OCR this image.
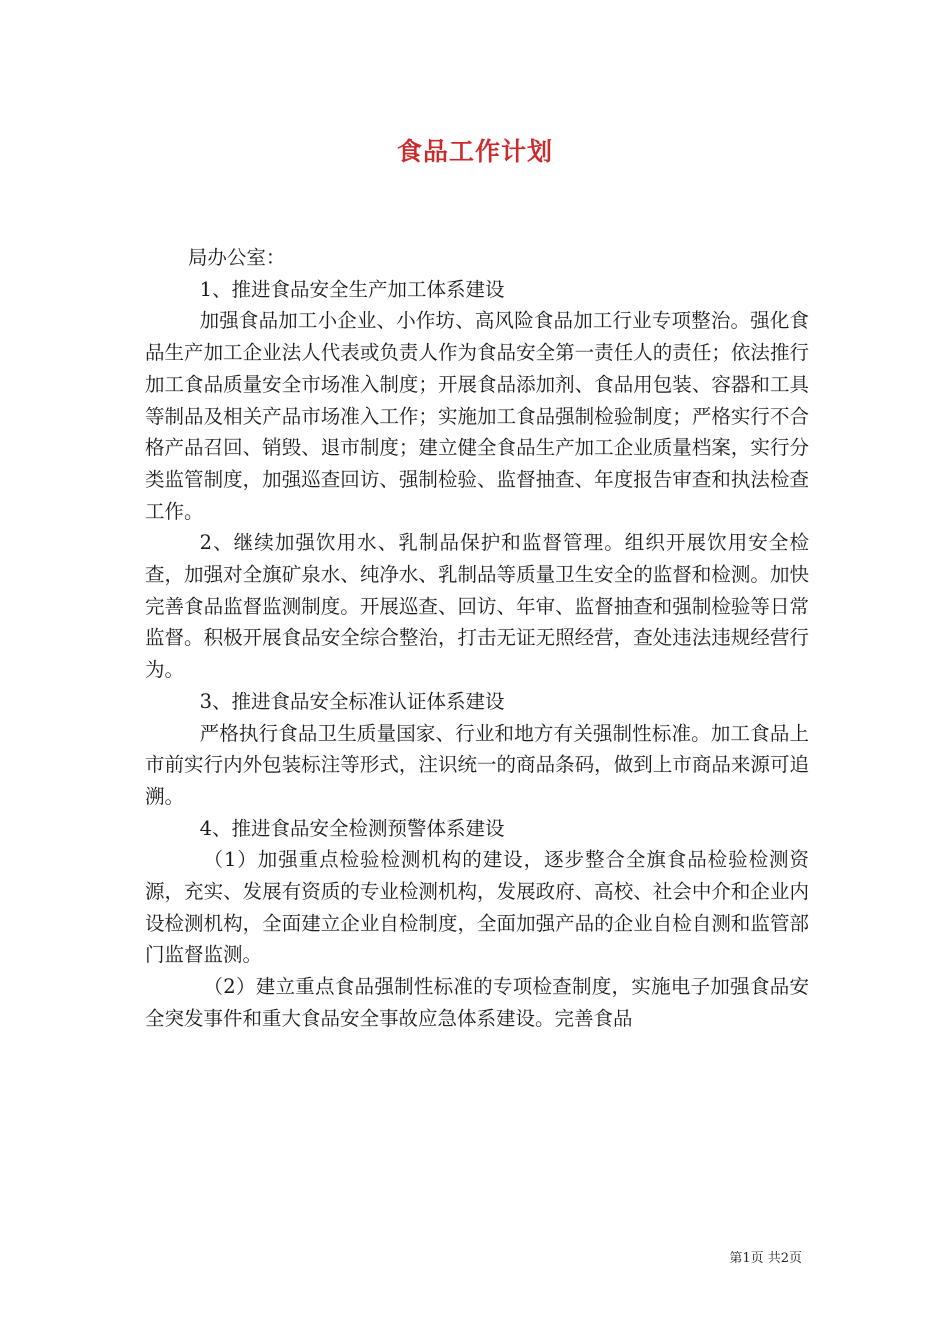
食品工作计划

局办公室：

1、推进食品安全生产加工体系建设

加强食品加工小企业、小作坊、高风险食品加工行业专项整治。强化食品生产加工企业法人代表或负责人作为食品安全第一责任人的责任；依法推行加工食品质量安全市场准入制度；开展食品添加剂、食品用包装、容器和工具等制品及相关产品市场准入工作；实施加工食品强制检验制度；严格实行不合格产品召回、销毁、退市制度；建立健全食品生产加工企业质量档案，实行分类监管制度，加强巡查回访、强制检验、监督抽查、年度报告审查和执法检查工作。

2、继续加强饮用水、乳制品保护和监督管理。组织开展饮用安全检查，加强对全旗矿泉水、纯净水、乳制品等质量卫生安全的监督和检测。加快完善食品监督监测制度。开展巡查、回访、年审、监督抽查和强制检验等日常监督。积极开展食品安全综合整治，打击无证无照经营，查处违法违规经营行为。

3、推进食品安全标准认证体系建设

严格执行食品卫生质量国家、行业和地方有关强制性标准。加工食品上市前实行内外包装标注等形式，注识统一的商品条码，做到上市商品来源可追溯。

4、推进食品安全检测预警体系建设

（1）加强重点检验检测机构的建设，逐步整合全旗食品检验检测资源，充实、发展有资质的专业检测机构，发展政府、高校、社会中介和企业内设检测机构，全面建立企业自检制度，全面加强产品的企业自检自测和监管部门监督监测。

（2）建立重点食品强制性标准的专项检查制度，实施电子加强食品安全突发事件和重大食品安全事故应急体系建设。完善食品

第1页 共2页
